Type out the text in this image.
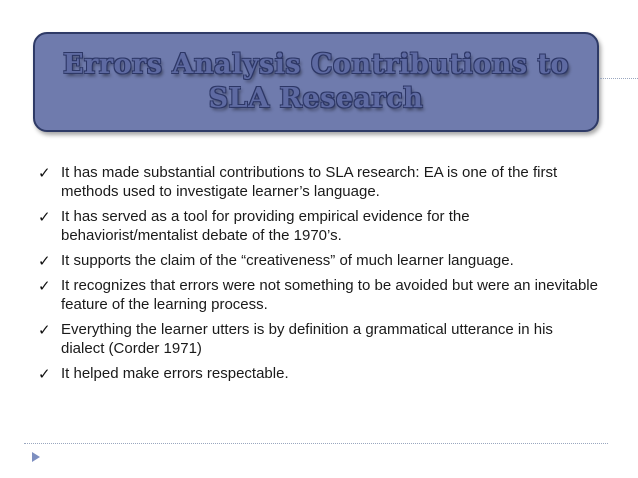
Errors Analysis Contributions to
SLA Research
✓ It has made substantial contributions to SLA research: EA is one of the first methods used to investigate learner’s language.
✓ It has served as a tool for providing empirical evidence for the behaviorist/mentalist debate of the 1970’s.
✓ It supports the claim of the “creativeness” of much learner language.
✓ It recognizes that errors were not something to be avoided but were an inevitable feature of the learning process.
✓ Everything the learner utters is by definition a grammatical utterance in his dialect (Corder 1971)
✓ It helped make errors respectable.
